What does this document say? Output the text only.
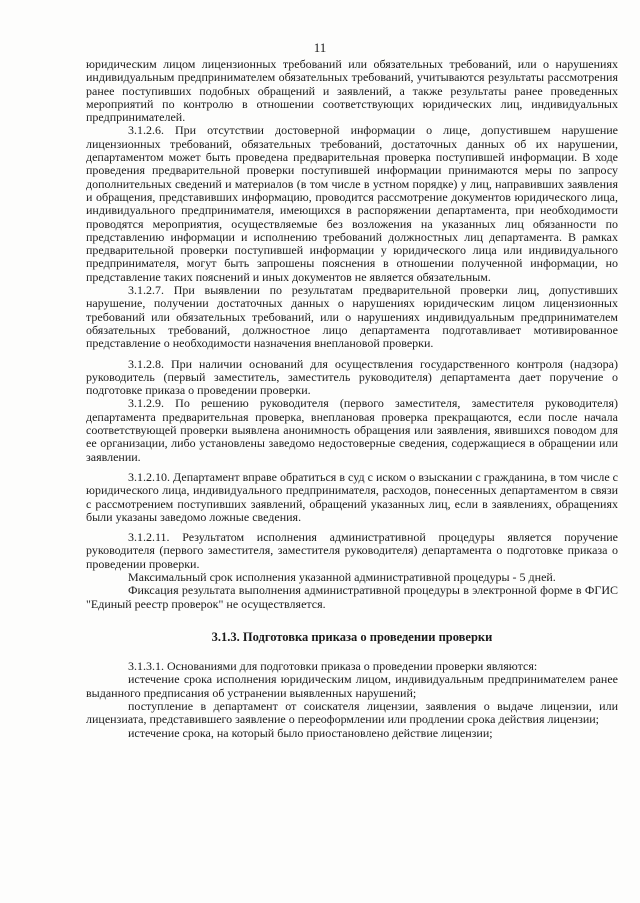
11

юридическим лицом лицензионных требований или обязательных требований, или о нарушениях индивидуальным предпринимателем обязательных требований, учитываются результаты рассмотрения ранее поступивших подобных обращений и заявлений, а также результаты ранее проведенных мероприятий по контролю в отношении соответствующих юридических лиц, индивидуальных предпринимателей.

3.1.2.6. При отсутствии достоверной информации о лице, допустившем нарушение лицензионных требований, обязательных требований, достаточных данных об их нарушении, департаментом может быть проведена предварительная проверка поступившей информации. В ходе проведения предварительной проверки поступившей информации принимаются меры по запросу дополнительных сведений и материалов (в том числе в устном порядке) у лиц, направивших заявления и обращения, представивших информацию, проводится рассмотрение документов юридического лица, индивидуального предпринимателя, имеющихся в распоряжении департамента, при необходимости проводятся мероприятия, осуществляемые без возложения на указанных лиц обязанности по представлению информации и исполнению требований должностных лиц департамента. В рамках предварительной проверки поступившей информации у юридического лица или индивидуального предпринимателя, могут быть запрошены пояснения в отношении полученной информации, но представление таких пояснений и иных документов не является обязательным.

3.1.2.7. При выявлении по результатам предварительной проверки лиц, допустивших нарушение, получении достаточных данных о нарушениях юридическим лицом лицензионных требований или обязательных требований, или о нарушениях индивидуальным предпринимателем обязательных требований, должностное лицо департамента подготавливает мотивированное представление о необходимости назначения внеплановой проверки.

3.1.2.8. При наличии оснований для осуществления государственного контроля (надзора) руководитель (первый заместитель, заместитель руководителя) департамента дает поручение о подготовке приказа о проведении проверки.

3.1.2.9. По решению руководителя (первого заместителя, заместителя руководителя) департамента предварительная проверка, внеплановая проверка прекращаются, если после начала соответствующей проверки выявлена анонимность обращения или заявления, явившихся поводом для ее организации, либо установлены заведомо недостоверные сведения, содержащиеся в обращении или заявлении.

3.1.2.10. Департамент вправе обратиться в суд с иском о взыскании с гражданина, в том числе с юридического лица, индивидуального предпринимателя, расходов, понесенных департаментом в связи с рассмотрением поступивших заявлений, обращений указанных лиц, если в заявлениях, обращениях были указаны заведомо ложные сведения.

3.1.2.11. Результатом исполнения административной процедуры является поручение руководителя (первого заместителя, заместителя руководителя) департамента о подготовке приказа о проведении проверки.

Максимальный срок исполнения указанной административной процедуры - 5 дней.

Фиксация результата выполнения административной процедуры в электронной форме в ФГИС "Единый реестр проверок" не осуществляется.

3.1.3. Подготовка приказа о проведении проверки

3.1.3.1. Основаниями для подготовки приказа о проведении проверки являются:

истечение срока исполнения юридическим лицом, индивидуальным предпринимателем ранее выданного предписания об устранении выявленных нарушений;

поступление в департамент от соискателя лицензии, заявления о выдаче лицензии, или лицензиата, представившего заявление о переоформлении или продлении срока действия лицензии;

истечение срока, на который было приостановлено действие лицензии;
